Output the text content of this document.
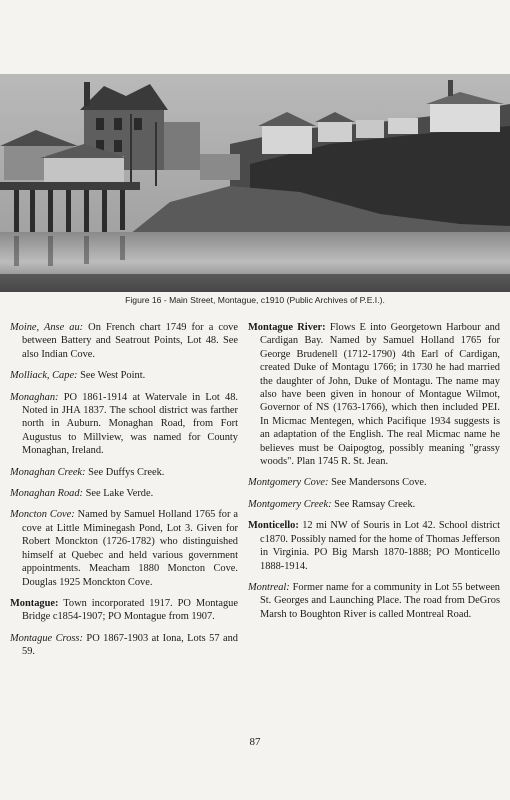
Figure 16 - Main Street, Montague, c1910 (Public Archives of P.E.I.).

Moine, Anse au: On French chart 1749 for a cove between Battery and Seatrout Points, Lot 48. See also Indian Cove.

Molliack, Cape: See West Point.

Monaghan: PO 1861-1914 at Watervale in Lot 48. Noted in JHA 1837. The school district was farther north in Auburn. Monaghan Road, from Fort Augustus to Millview, was named for County Monaghan, Ireland.

Monaghan Creek: See Duffys Creek.

Monaghan Road: See Lake Verde.

Moncton Cove: Named by Samuel Holland 1765 for a cove at Little Miminegash Pond, Lot 3. Given for Robert Monckton (1726-1782) who distinguished himself at Quebec and held various government appointments. Meacham 1880 Moncton Cove. Douglas 1925 Monckton Cove.

Montague: Town incorporated 1917. PO Montague Bridge c1854-1907; PO Montague from 1907.

Montague Cross: PO 1867-1903 at Iona, Lots 57 and 59.

Montague River: Flows E into Georgetown Harbour and Cardigan Bay. Named by Samuel Holland 1765 for George Brudenell (1712-1790) 4th Earl of Cardigan, created Duke of Montagu 1766; in 1730 he had married the daughter of John, Duke of Montagu. The name may also have been given in honour of Montague Wilmot, Governor of NS (1763-1766), which then included PEI. In Micmac Mentegen, which Pacifique 1934 suggests is an adaptation of the English. The real Micmac name he believes must be Oaipogtog, possibly meaning "grassy woods". Plan 1745 R. St. Jean.

Montgomery Cove: See Mandersons Cove.

Montgomery Creek: See Ramsay Creek.

Monticello: 12 mi NW of Souris in Lot 42. School district c1870. Possibly named for the home of Thomas Jefferson in Virginia. PO Big Marsh 1870-1888; PO Monticello 1888-1914.

Montreal: Former name for a community in Lot 55 between St. Georges and Launching Place. The road from DeGros Marsh to Boughton River is called Montreal Road.

87
